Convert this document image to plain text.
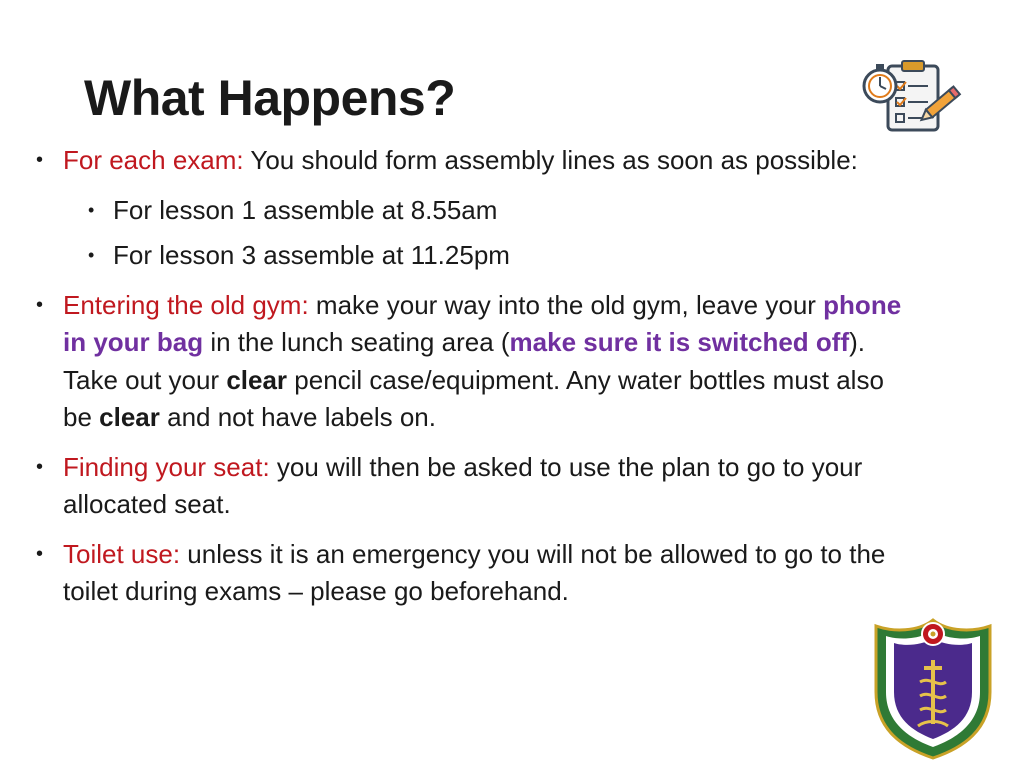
What Happens?
• For each exam: You should form assembly lines as soon as possible:
• For lesson 1 assemble at 8.55am
• For lesson 3 assemble at 11.25pm
• Entering the old gym: make your way into the old gym, leave your phone in your bag in the lunch seating area (make sure it is switched off). Take out your clear pencil case/equipment. Any water bottles must also be clear and not have labels on.
• Finding your seat: you will then be asked to use the plan to go to your allocated seat.
• Toilet use: unless it is an emergency you will not be allowed to go to the toilet during exams – please go beforehand.
